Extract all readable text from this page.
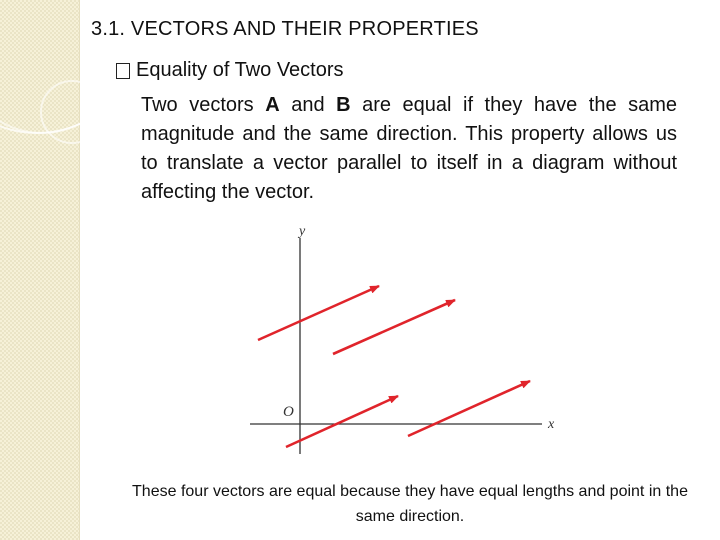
3.1. VECTORS AND THEIR PROPERTIES
Equality of Two Vectors
Two vectors A and B are equal if they have the same magnitude and the same direction. This property allows us to translate a vector parallel to itself in a diagram without affecting the vector.
y
x
O
These four vectors are equal because they have equal lengths and point in the same direction.
